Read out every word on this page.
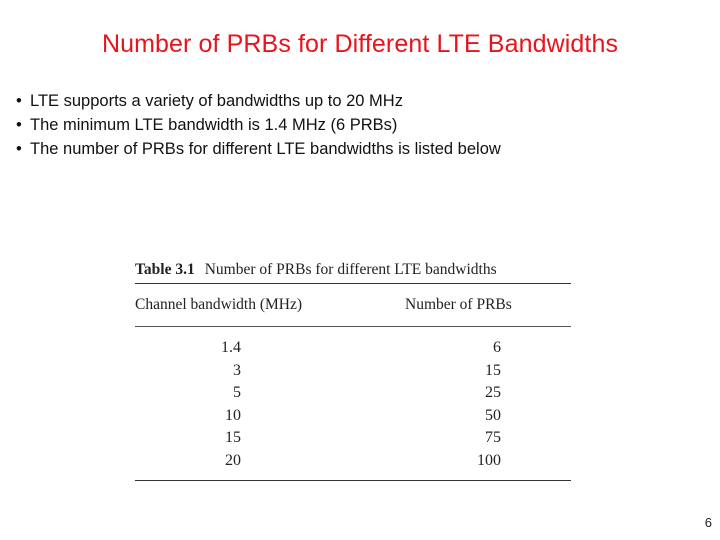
Number of PRBs for Different LTE Bandwidths
• LTE supports a variety of bandwidths up to 20 MHz
• The minimum LTE bandwidth is 1.4 MHz (6 PRBs)
• The number of PRBs for different LTE bandwidths is listed below
Table 3.1 Number of PRBs for different LTE bandwidths
Channel bandwidth (MHz)	Number of PRBs
1.4	6
3	15
5	25
10	50
15	75
20	100
6
